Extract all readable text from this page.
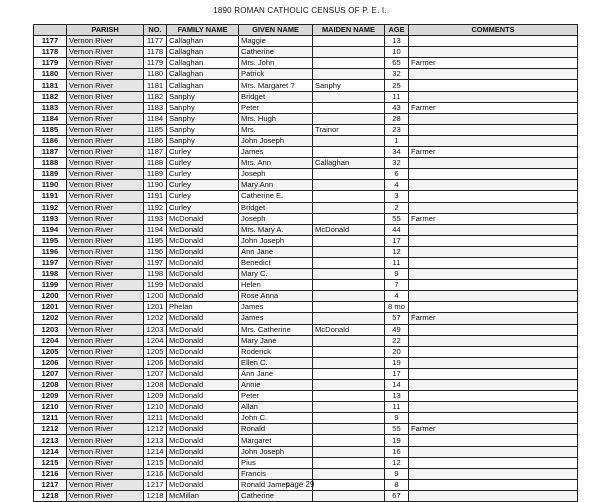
1890 ROMAN CATHOLIC CENSUS OF P. E. I.
	PARISH	NO.	FAMILY NAME	GIVEN NAME	MAIDEN NAME	AGE	COMMENTS
1177	Vernon River	1177	Callaghan	Maggie		13	
1178	Vernon River	1178	Callaghan	Catherine		10	
1179	Vernon River	1179	Callaghan	Mrs. John		65	Farmer
1180	Vernon River	1180	Callaghan	Patrick		32	
1181	Vernon River	1181	Callaghan	Mrs. Margaret ?	Sanphy	25	
1182	Vernon River	1182	Sanphy	Bridget		11	
1183	Vernon River	1183	Sanphy	Peter		43	Farmer
1184	Vernon River	1184	Sanphy	Mrs. Hugh		28	
1185	Vernon River	1185	Sanphy	Mrs.	Trainor	23	
1186	Vernon River	1186	Sanphy	John Joseph		1	
1187	Vernon River	1187	Curley	James		34	Farmer
1188	Vernon River	1188	Curley	Mrs. Ann	Callaghan	32	
1189	Vernon River	1189	Curley	Joseph		6	
1190	Vernon River	1190	Curley	Mary Ann		4	
1191	Vernon River	1191	Curley	Catherine E.		3	
1192	Vernon River	1192	Curley	Bridget		2	
1193	Vernon River	1193	McDonald	Joseph		55	Farmer
1194	Vernon River	1194	McDonald	Mrs. Mary A.	McDonald	44	
1195	Vernon River	1195	McDonald	John Joseph		17	
1196	Vernon River	1196	McDonald	Ann Jane		12	
1197	Vernon River	1197	McDonald	Benedict		11	
1198	Vernon River	1198	McDonald	Mary C.		9	
1199	Vernon River	1199	McDonald	Helen		7	
1200	Vernon River	1200	McDonald	Rose Anna		4	
1201	Vernon River	1201	Phelan	James		8 mo	
1202	Vernon River	1202	McDonald	James		57	Farmer
1203	Vernon River	1203	McDonald	Mrs. Catherine	McDonald	49	
1204	Vernon River	1204	McDonald	Mary Jane		22	
1205	Vernon River	1205	McDonald	Roderick		20	
1206	Vernon River	1206	McDonald	Ellen C.		19	
1207	Vernon River	1207	McDonald	Ann Jane		17	
1208	Vernon River	1208	McDonald	Annie		14	
1209	Vernon River	1209	McDonald	Peter		13	
1210	Vernon River	1210	McDonald	Allan		11	
1211	Vernon River	1211	McDonald	John C.		9	
1212	Vernon River	1212	McDonald	Ronald		55	Farmer
1213	Vernon River	1213	McDonald	Margaret		19	
1214	Vernon River	1214	McDonald	John Joseph		16	
1215	Vernon River	1215	McDonald	Pius		12	
1216	Vernon River	1216	McDonald	Francis		9	
1217	Vernon River	1217	McDonald	Ronald James		8	
1218	Vernon River	1218	McMillan	Catherine		67	
page 29
